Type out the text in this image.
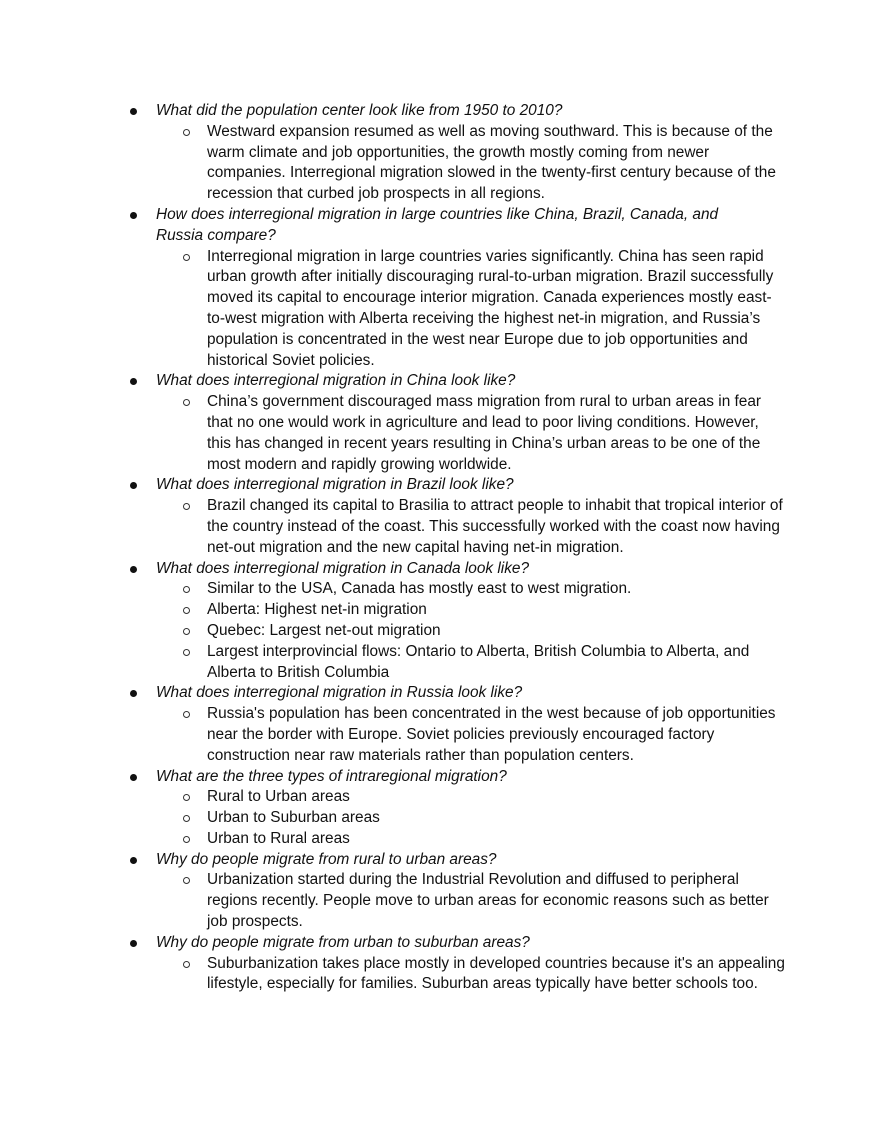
What did the population center look like from 1950 to 2010?
Westward expansion resumed as well as moving southward. This is because of the warm climate and job opportunities, the growth mostly coming from newer companies. Interregional migration slowed in the twenty-first century because of the recession that curbed job prospects in all regions.
How does interregional migration in large countries like China, Brazil, Canada, and Russia compare?
Interregional migration in large countries varies significantly. China has seen rapid urban growth after initially discouraging rural-to-urban migration. Brazil successfully moved its capital to encourage interior migration. Canada experiences mostly east-to-west migration with Alberta receiving the highest net-in migration, and Russia’s population is concentrated in the west near Europe due to job opportunities and historical Soviet policies.
What does interregional migration in China look like?
China’s government discouraged mass migration from rural to urban areas in fear that no one would work in agriculture and lead to poor living conditions. However, this has changed in recent years resulting in China’s urban areas to be one of the most modern and rapidly growing worldwide.
What does interregional migration in Brazil look like?
Brazil changed its capital to Brasilia to attract people to inhabit that tropical interior of the country instead of the coast. This successfully worked with the coast now having net-out migration and the new capital having net-in migration.
What does interregional migration in Canada look like?
Similar to the USA, Canada has mostly east to west migration.
Alberta: Highest net-in migration
Quebec: Largest net-out migration
Largest interprovincial flows: Ontario to Alberta, British Columbia to Alberta, and Alberta to British Columbia
What does interregional migration in Russia look like?
Russia's population has been concentrated in the west because of job opportunities near the border with Europe. Soviet policies previously encouraged factory construction near raw materials rather than population centers.
What are the three types of intraregional migration?
Rural to Urban areas
Urban to Suburban areas
Urban to Rural areas
Why do people migrate from rural to urban areas?
Urbanization started during the Industrial Revolution and diffused to peripheral regions recently. People move to urban areas for economic reasons such as better job prospects.
Why do people migrate from urban to suburban areas?
Suburbanization takes place mostly in developed countries because it's an appealing lifestyle, especially for families. Suburban areas typically have better schools too.
